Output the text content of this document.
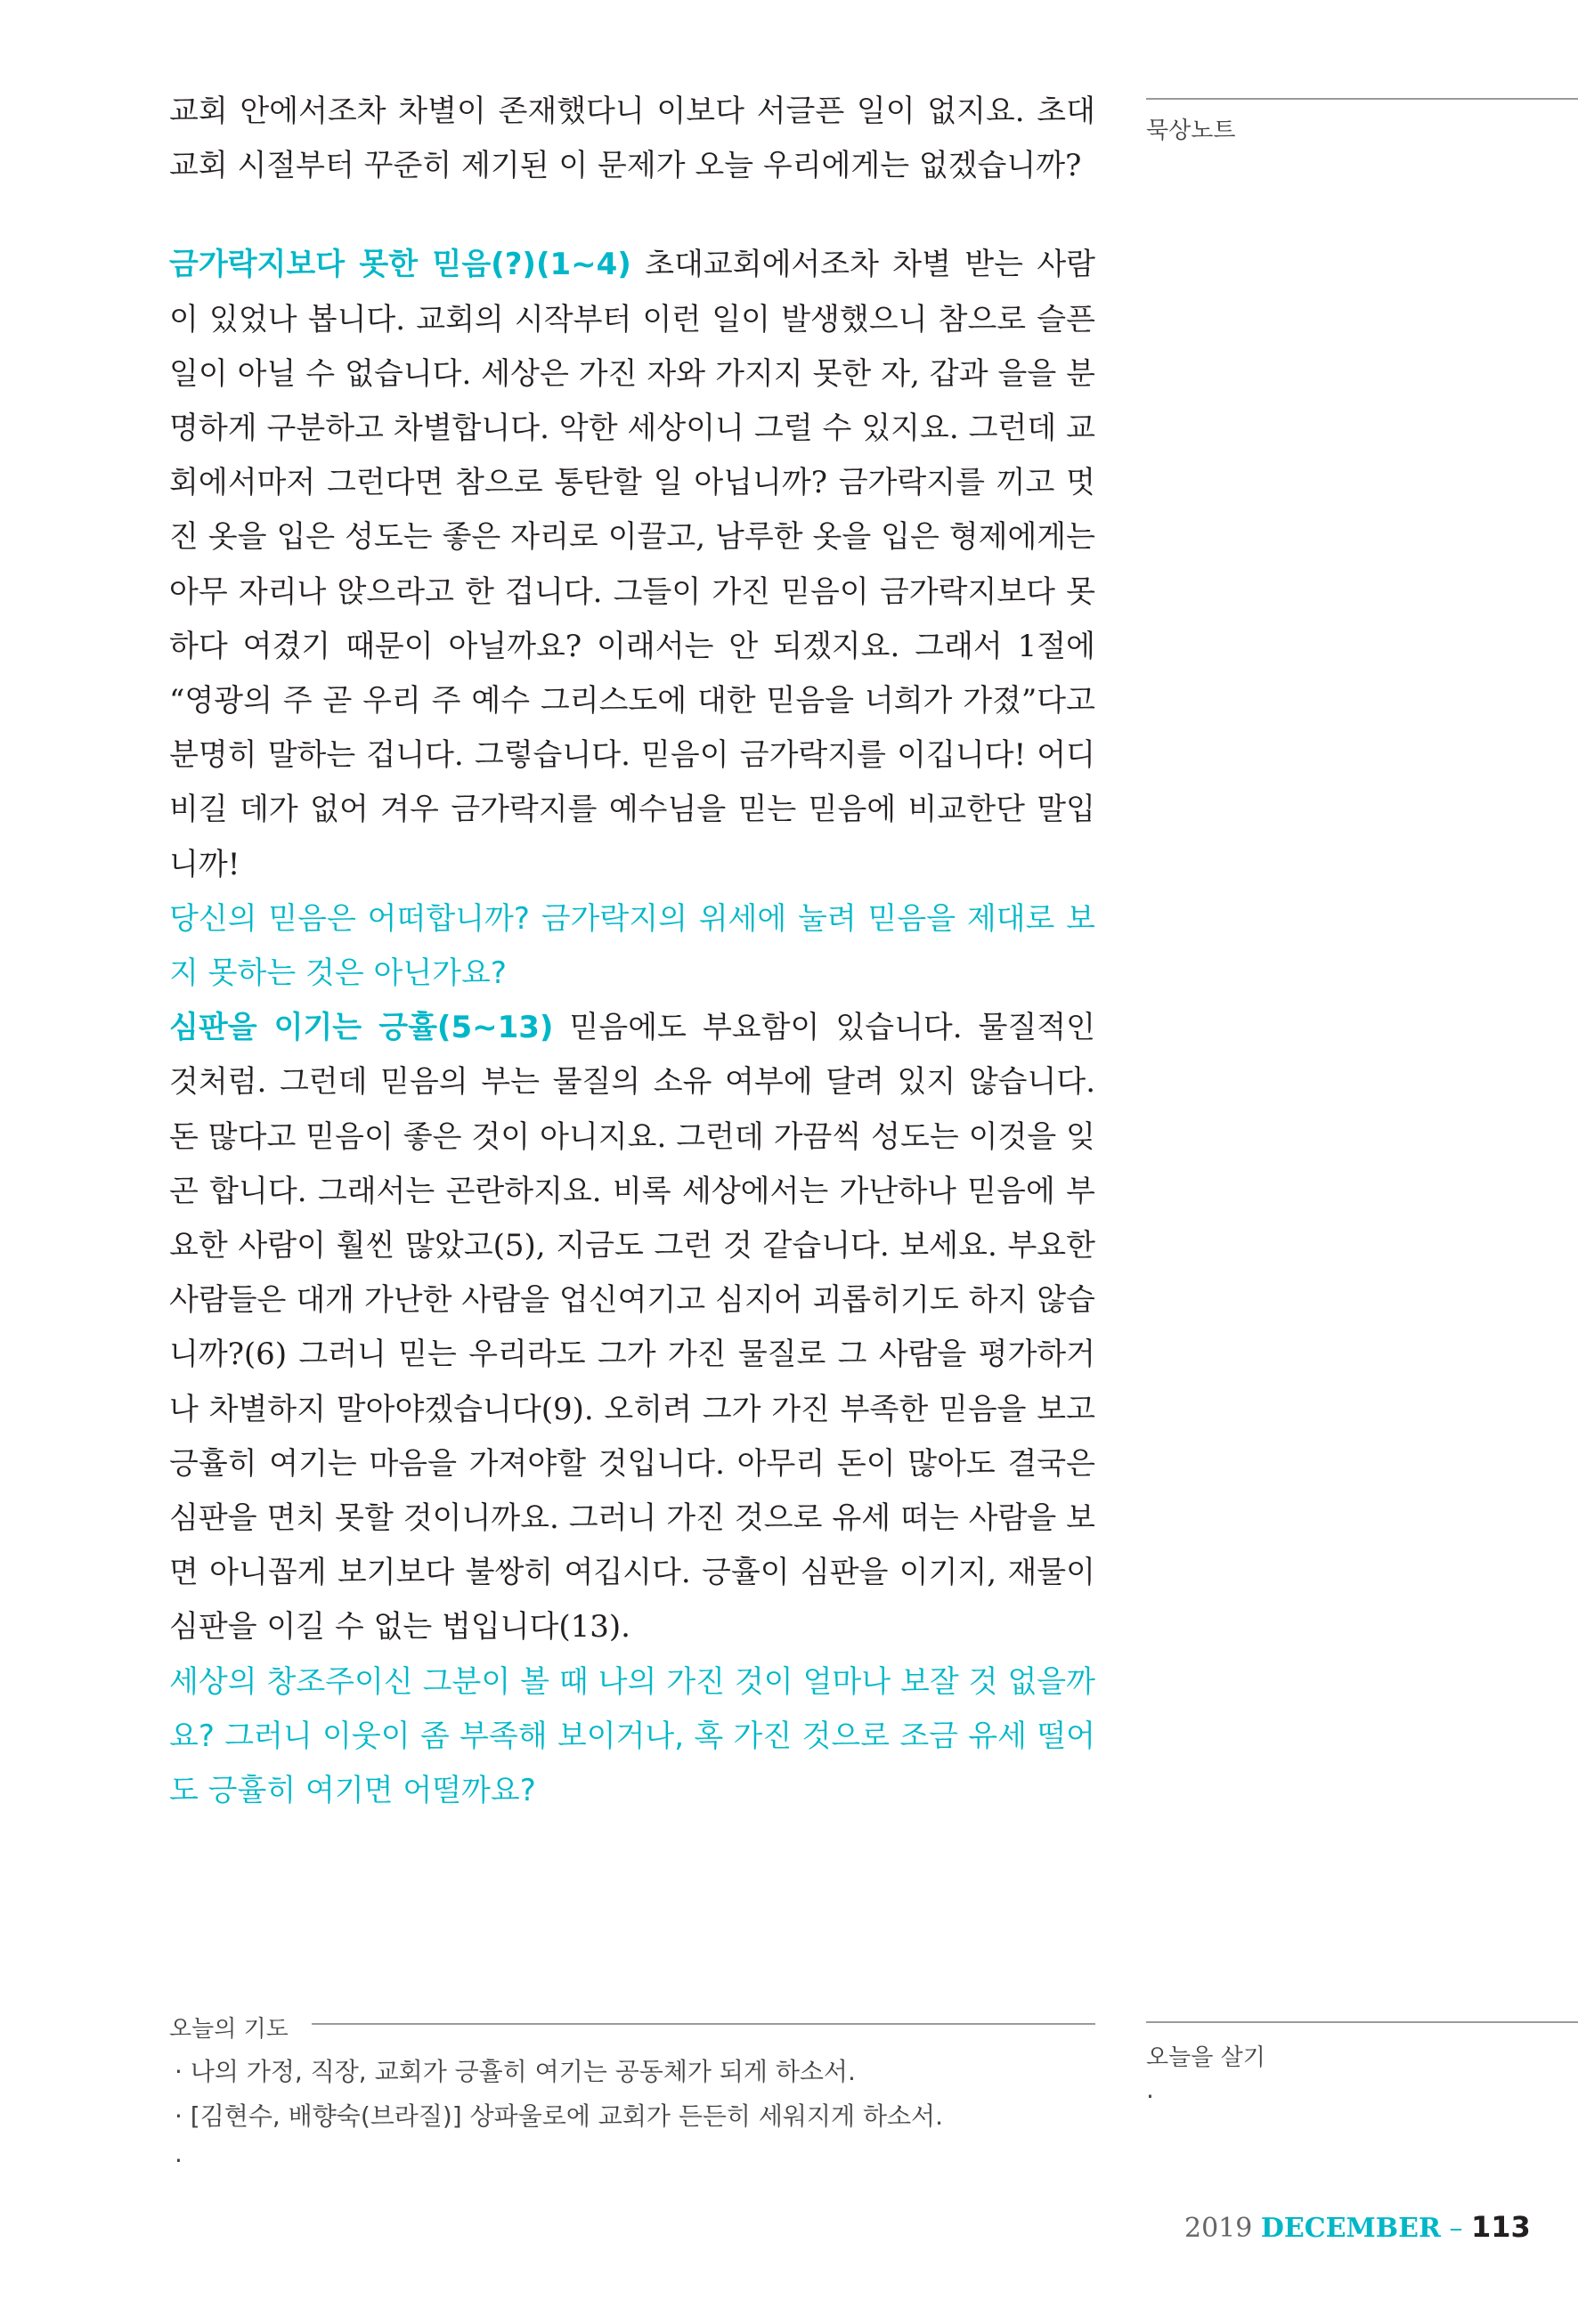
묵상노트
오늘을 살기
·

교회 안에서조차 차별이 존재했다니 이보다 서글픈 일이 없지요. 초대 교회 시절부터 꾸준히 제기된 이 문제가 오늘 우리에게는 없겠습니까?

금가락지보다 못한 믿음(?)(1~4) 초대교회에서조차 차별 받는 사람이 있었나 봅니다. 교회의 시작부터 이런 일이 발생했으니 참으로 슬픈 일이 아닐 수 없습니다. 세상은 가진 자와 가지지 못한 자, 갑과 을을 분명하게 구분하고 차별합니다. 악한 세상이니 그럴 수 있지요. 그런데 교회에서마저 그런다면 참으로 통탄할 일 아닙니까? 금가락지를 끼고 멋진 옷을 입은 성도는 좋은 자리로 이끌고, 남루한 옷을 입은 형제에게는 아무 자리나 앉으라고 한 겁니다. 그들이 가진 믿음이 금가락지보다 못하다 여겼기 때문이 아닐까요? 이래서는 안 되겠지요. 그래서 1절에 “영광의 주 곧 우리 주 예수 그리스도에 대한 믿음을 너희가 가졌”다고 분명히 말하는 겁니다. 그렇습니다. 믿음이 금가락지를 이깁니다! 어디 비길 데가 없어 겨우 금가락지를 예수님을 믿는 믿음에 비교한단 말입니까!

당신의 믿음은 어떠합니까? 금가락지의 위세에 눌려 믿음을 제대로 보지 못하는 것은 아닌가요?

심판을 이기는 긍휼(5~13) 믿음에도 부요함이 있습니다. 물질적인 것처럼. 그런데 믿음의 부는 물질의 소유 여부에 달려 있지 않습니다. 돈 많다고 믿음이 좋은 것이 아니지요. 그런데 가끔씩 성도는 이것을 잊곤 합니다. 그래서는 곤란하지요. 비록 세상에서는 가난하나 믿음에 부요한 사람이 훨씬 많았고(5), 지금도 그런 것 같습니다. 보세요. 부요한 사람들은 대개 가난한 사람을 업신여기고 심지어 괴롭히기도 하지 않습니까?(6) 그러니 믿는 우리라도 그가 가진 물질로 그 사람을 평가하거나 차별하지 말아야겠습니다(9). 오히려 그가 가진 부족한 믿음을 보고 긍휼히 여기는 마음을 가져야할 것입니다. 아무리 돈이 많아도 결국은 심판을 면치 못할 것이니까요. 그러니 가진 것으로 유세 떠는 사람을 보면 아니꼽게 보기보다 불쌍히 여깁시다. 긍휼이 심판을 이기지, 재물이 심판을 이길 수 없는 법입니다(13).

세상의 창조주이신 그분이 볼 때 나의 가진 것이 얼마나 보잘 것 없을까요? 그러니 이웃이 좀 부족해 보이거나, 혹 가진 것으로 조금 유세 떨어도 긍휼히 여기면 어떨까요?

오늘의 기도
· 나의 가정, 직장, 교회가 긍휼히 여기는 공동체가 되게 하소서.
· [김현수, 배향숙(브라질)] 상파울로에 교회가 든든히 세워지게 하소서.
·
2019 DECEMBER – 113
